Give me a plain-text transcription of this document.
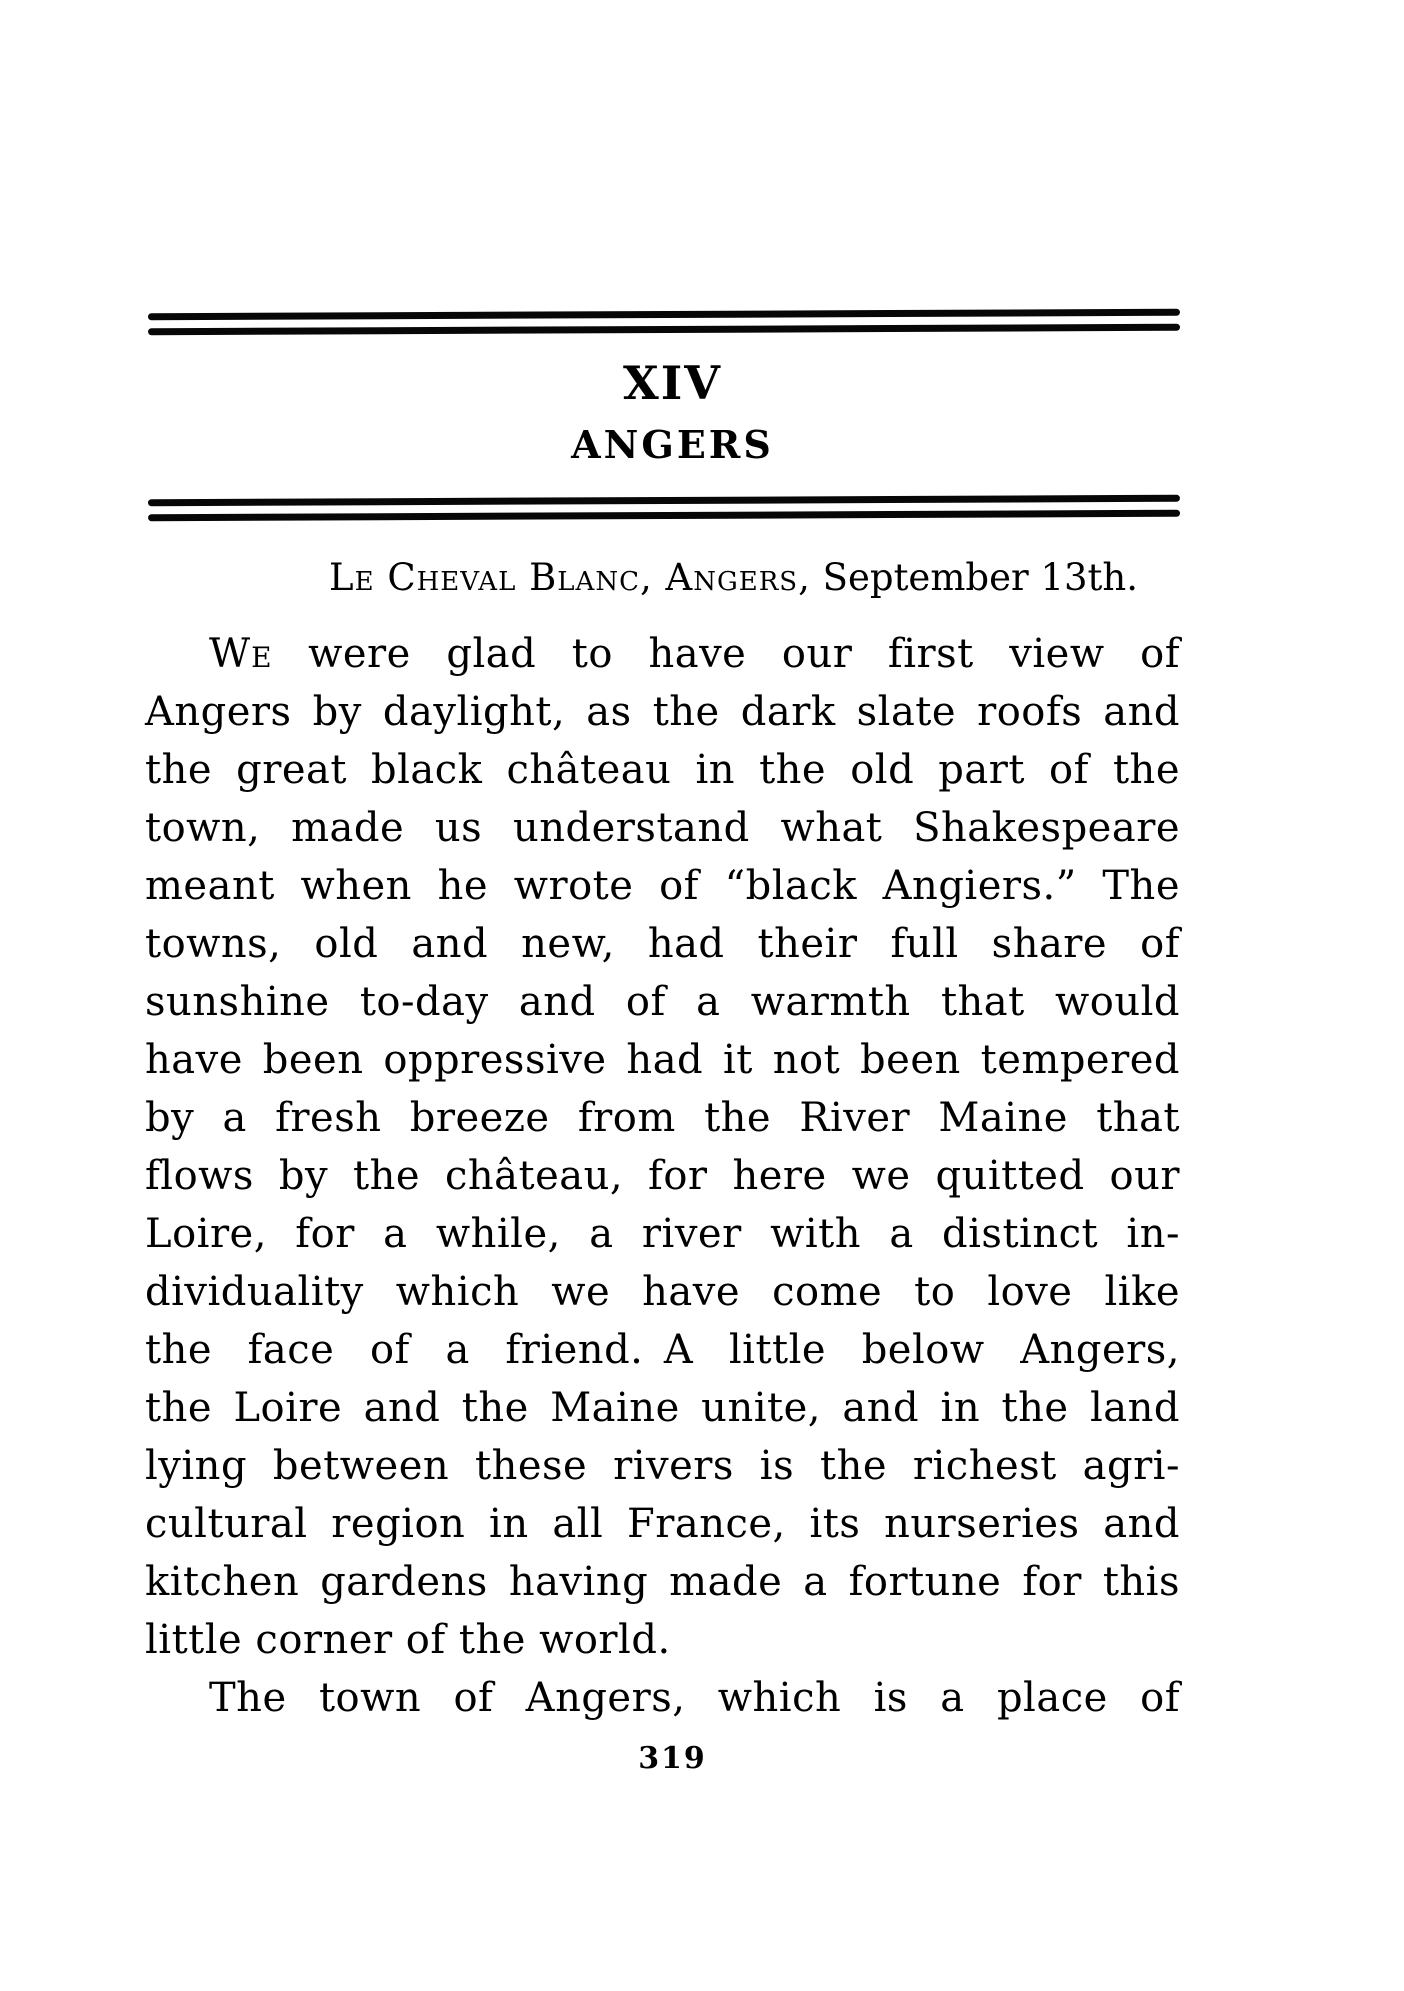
XIV
ANGERS
Le Cheval Blanc, Angers, September 13th.
We were glad to have our first view of
Angers by daylight, as the dark slate roofs and
the great black château in the old part of the
town, made us understand what Shakespeare
meant when he wrote of “black Angiers.” The
towns, old and new, had their full share of
sunshine to-day and of a warmth that would
have been oppressive had it not been tempered
by a fresh breeze from the River Maine that
flows by the château, for here we quitted our
Loire, for a while, a river with a distinct in-
dividuality which we have come to love like
the face of a friend. A little below Angers,
the Loire and the Maine unite, and in the land
lying between these rivers is the richest agri-
cultural region in all France, its nurseries and
kitchen gardens having made a fortune for this
little corner of the world.
The town of Angers, which is a place of
319
